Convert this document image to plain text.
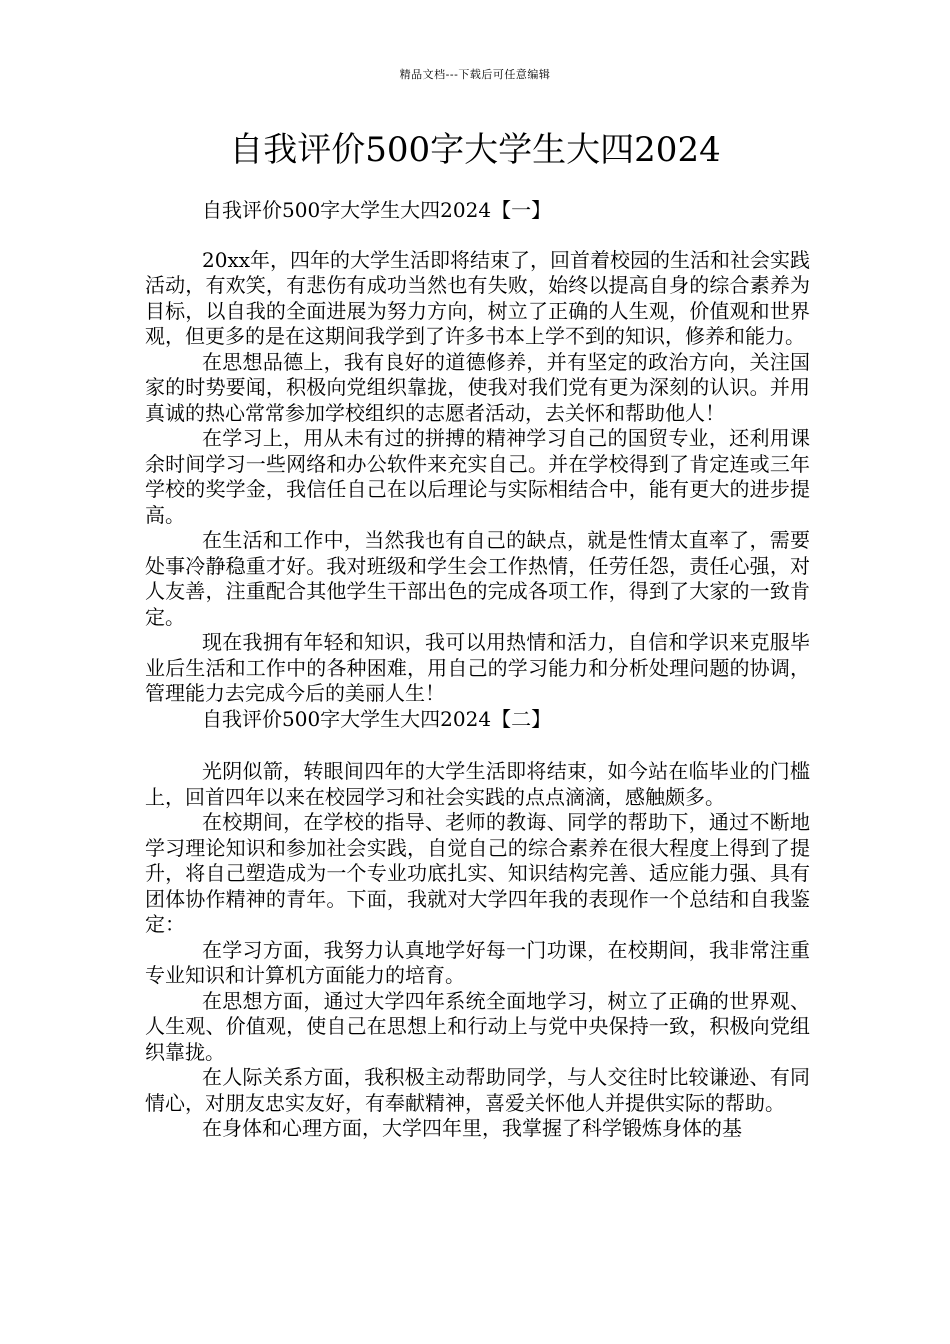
精品文档---下载后可任意编辑
自我评价500字大学生大四2024
自我评价500字大学生大四2024【一】

20xx年，四年的大学生活即将结束了，回首着校园的生活和社会实践活动，有欢笑，有悲伤有成功当然也有失败，始终以提高自身的综合素养为目标，以自我的全面进展为努力方向，树立了正确的人生观，价值观和世界观，但更多的是在这期间我学到了许多书本上学不到的知识，修养和能力。

在思想品德上，我有良好的道德修养，并有坚定的政治方向，关注国家的时势要闻，积极向党组织靠拢，使我对我们党有更为深刻的认识。并用真诚的热心常常参加学校组织的志愿者活动，去关怀和帮助他人！

在学习上，用从未有过的拼搏的精神学习自己的国贸专业，还利用课余时间学习一些网络和办公软件来充实自己。并在学校得到了肯定连或三年学校的奖学金，我信任自己在以后理论与实际相结合中，能有更大的进步提高。

在生活和工作中，当然我也有自己的缺点，就是性情太直率了，需要处事冷静稳重才好。我对班级和学生会工作热情，任劳任怨，责任心强，对人友善，注重配合其他学生干部出色的完成各项工作，得到了大家的一致肯定。

现在我拥有年轻和知识，我可以用热情和活力，自信和学识来克服毕业后生活和工作中的各种困难，用自己的学习能力和分析处理问题的协调，管理能力去完成今后的美丽人生！

自我评价500字大学生大四2024【二】

光阴似箭，转眼间四年的大学生活即将结束，如今站在临毕业的门槛上，回首四年以来在校园学习和社会实践的点点滴滴，感触颇多。

在校期间，在学校的指导、老师的教诲、同学的帮助下，通过不断地学习理论知识和参加社会实践，自觉自己的综合素养在很大程度上得到了提升，将自己塑造成为一个专业功底扎实、知识结构完善、适应能力强、具有团体协作精神的青年。下面，我就对大学四年我的表现作一个总结和自我鉴定：

在学习方面，我努力认真地学好每一门功课，在校期间，我非常注重专业知识和计算机方面能力的培育。

在思想方面，通过大学四年系统全面地学习，树立了正确的世界观、人生观、价值观，使自己在思想上和行动上与党中央保持一致，积极向党组织靠拢。

在人际关系方面，我积极主动帮助同学，与人交往时比较谦逊、有同情心，对朋友忠实友好，有奉献精神，喜爱关怀他人并提供实际的帮助。

在身体和心理方面，大学四年里，我掌握了科学锻炼身体的基
